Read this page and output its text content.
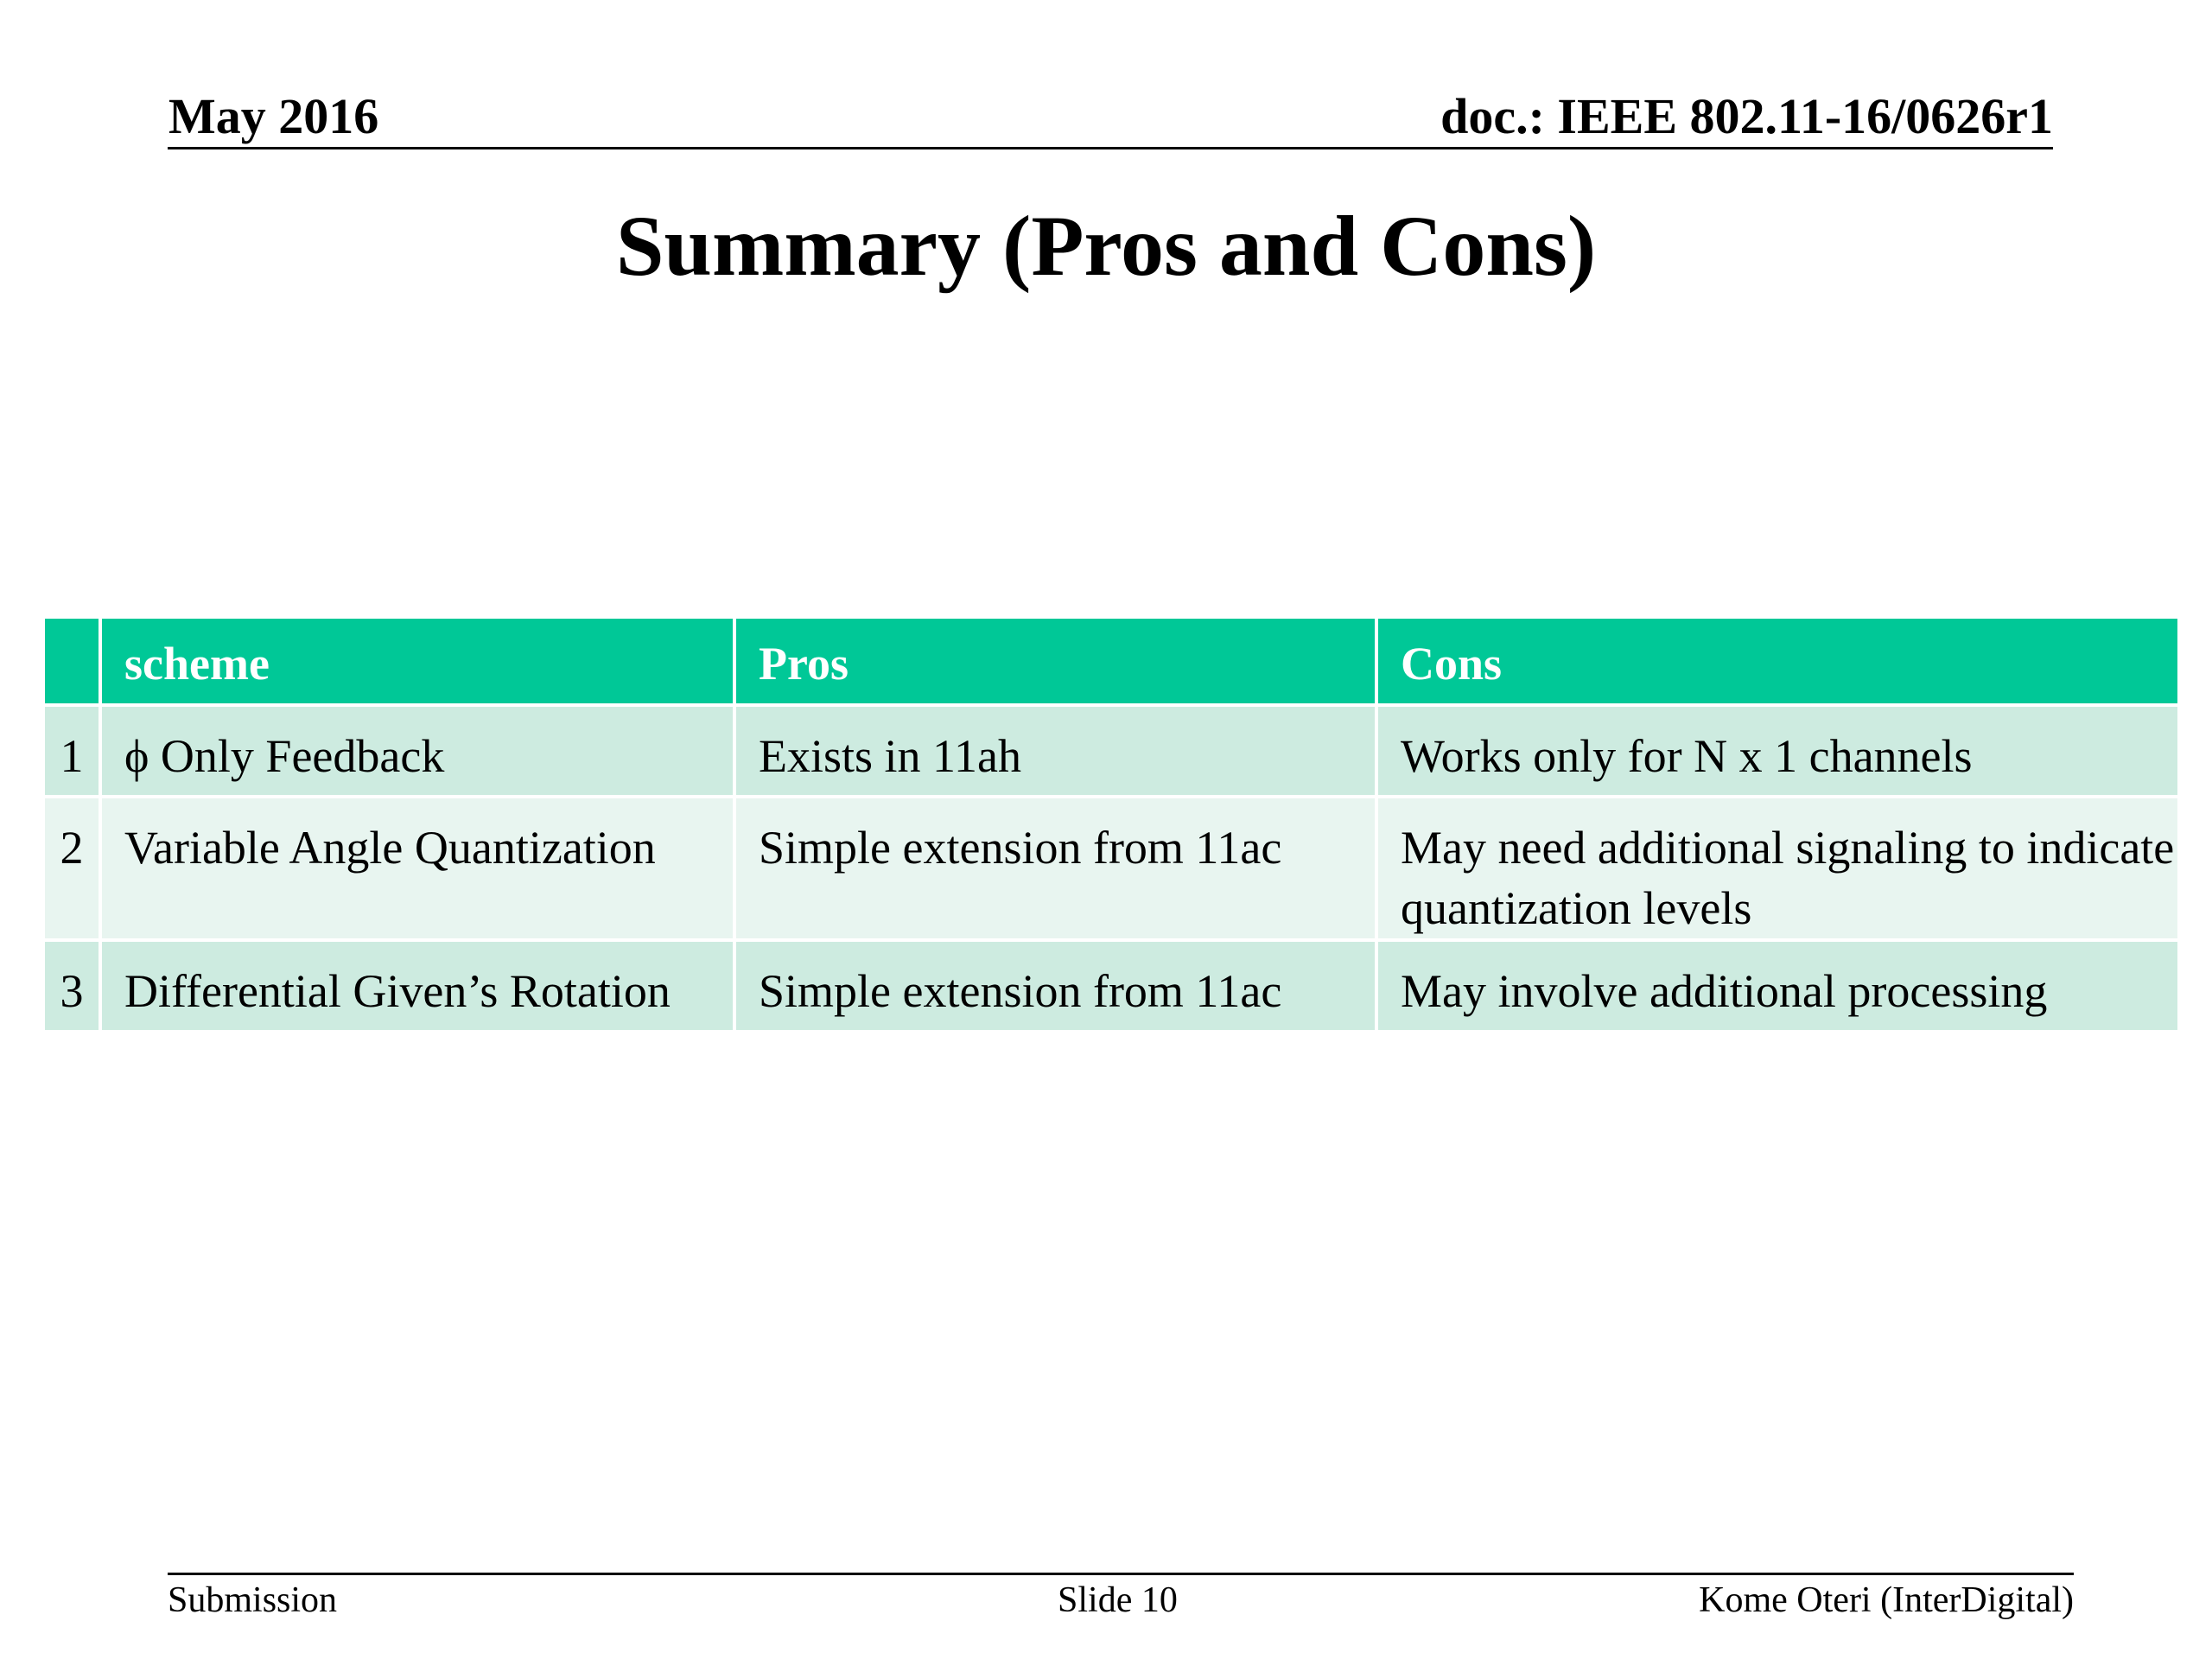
May 2016	doc.: IEEE 802.11-16/0626r1
Summary (Pros and Cons)
	scheme	Pros	Cons
1	ϕ Only Feedback	Exists in 11ah	Works only for N x 1 channels
2	Variable Angle Quantization	Simple extension from 11ac	May need additional signaling to indicate quantization levels
3	Differential Given’s Rotation	Simple extension from 11ac	May involve additional processing
Submission	Slide 10	Kome Oteri (InterDigital)
